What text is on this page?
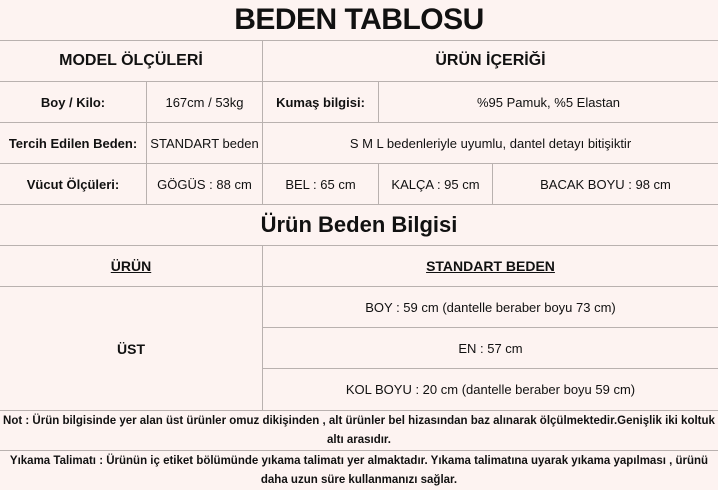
BEDEN TABLOSU
MODEL ÖLÇÜLERİ	ÜRÜN İÇERİĞİ
Boy / Kilo:	167cm / 53kg	Kumaş bilgisi:	%95 Pamuk, %5 Elastan
Tercih Edilen Beden:	STANDART beden	S M L bedenleriyle uyumlu, dantel detayı bitişiktir
Vücut Ölçüleri:	GÖGÜS : 88 cm	BEL : 65 cm	KALÇA : 95 cm	BACAK BOYU : 98 cm
Ürün Beden Bilgisi
ÜRÜN	STANDART BEDEN
ÜST
BOY : 59 cm (dantelle beraber boyu 73 cm)
EN : 57 cm
KOL BOYU : 20 cm (dantelle beraber boyu 59 cm)
Not : Ürün bilgisinde yer alan üst ürünler omuz dikişinden , alt ürünler bel hizasından baz alınarak ölçülmektedir.Genişlik iki koltuk altı arasıdır.
Yıkama Talimatı : Ürünün iç etiket bölümünde yıkama talimatı yer almaktadır. Yıkama talimatına uyarak yıkama yapılması , ürünü daha uzun süre kullanmanızı sağlar.
